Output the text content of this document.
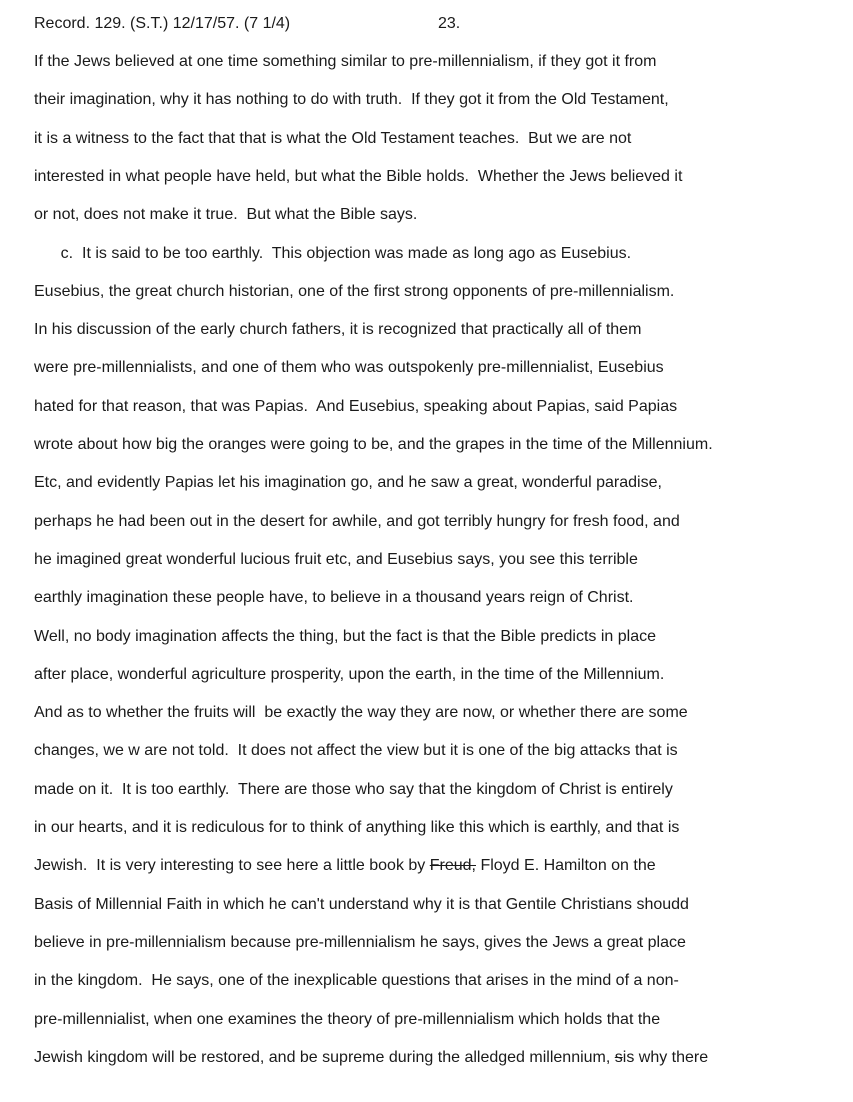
Record. 129. (S.T.) 12/17/57. (7 1/4)	23.
If the Jews believed at one time something similar to pre-millennialism, if they got it from
their imagination, why it has nothing to do with truth.  If they got it from the Old Testament,
it is a witness to the fact that that is what the Old Testament teaches.  But we are not
interested in what people have held, but what the Bible holds.  Whether the Jews believed it
or not, does not make it true.  But what the Bible says.
c.  It is said to be too earthly.  This objection was made as long ago as Eusebius.
Eusebius, the great church historian, one of the first strong opponents of pre-millennialism.
In his discussion of the early church fathers, it is recognized that practically all of them
were pre-millennialists, and one of them who was outspokenly pre-millennialist, Eusebius
hated for that reason, that was Papias.  And Eusebius, speaking about Papias, said Papias
wrote about how big the oranges were going to be, and the grapes in the time of the Millennium.
Etc, and evidently Papias let his imagination go, and he saw a great, wonderful paradise,
perhaps he had been out in the desert for awhile, and got terribly hungry for fresh food, and
he imagined great wonderful lucious fruit etc, and Eusebius says, you see this terrible
earthly imagination these people have, to believe in a thousand years reign of Christ.
Well, no body imagination affects the thing, but the fact is that the Bible predicts in place
after place, wonderful agriculture prosperity, upon the earth, in the time of the Millennium.
And as to whether the fruits will  be exactly the way they are now, or whether there are some
changes, we w are not told.  It does not affect the view but it is one of the big attacks that is
made on it.  It is too earthly.  There are those who say that the kingdom of Christ is entirely
in our hearts, and it is rediculous for to think of anything like this which is earthly, and that is
Jewish.  It is very interesting to see here a little book by Freud, Floyd E. Hamilton on the
Basis of Millennial Faith in which he can't understand why it is that Gentile Christians shoudd
believe in pre-millennialism because pre-millennialism he says, gives the Jews a great place
in the kingdom.  He says, one of the inexplicable questions that arises in the mind of a non-
pre-millennialist, when one examines the theory of pre-millennialism which holds that the
Jewish kingdom will be restored, and be supreme during the alledged millennium, s is why there
